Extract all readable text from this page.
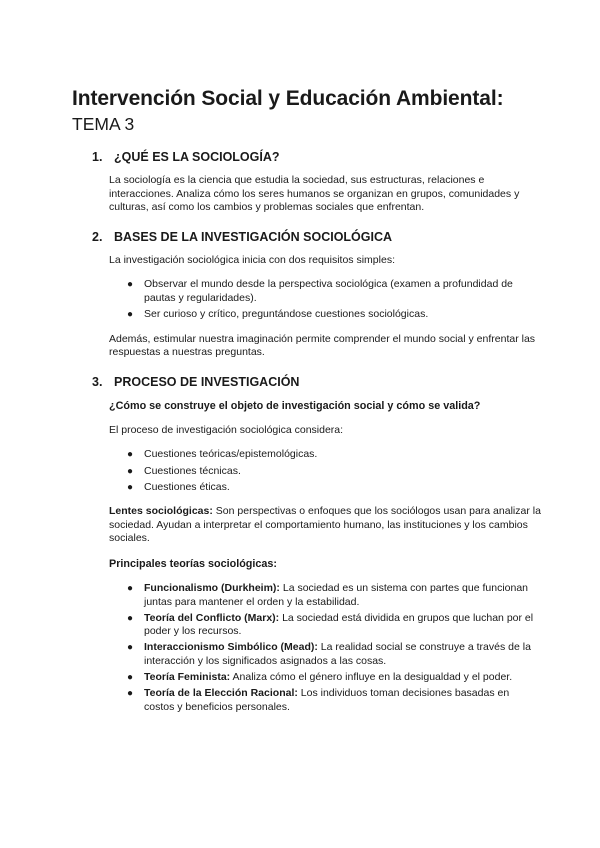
Intervención Social y Educación Ambiental:
TEMA 3
1. ¿QUÉ ES LA SOCIOLOGÍA?

La sociología es la ciencia que estudia la sociedad, sus estructuras, relaciones e interacciones. Analiza cómo los seres humanos se organizan en grupos, comunidades y culturas, así como los cambios y problemas sociales que enfrentan.

2. BASES DE LA INVESTIGACIÓN SOCIOLÓGICA

La investigación sociológica inicia con dos requisitos simples:

● Observar el mundo desde la perspectiva sociológica (examen a profundidad de pautas y regularidades).
● Ser curioso y crítico, preguntándose cuestiones sociológicas.

Además, estimular nuestra imaginación permite comprender el mundo social y enfrentar las respuestas a nuestras preguntas.

3. PROCESO DE INVESTIGACIÓN

¿Cómo se construye el objeto de investigación social y cómo se valida?

El proceso de investigación sociológica considera:

● Cuestiones teóricas/epistemológicas.
● Cuestiones técnicas.
● Cuestiones éticas.

Lentes sociológicas: Son perspectivas o enfoques que los sociólogos usan para analizar la sociedad. Ayudan a interpretar el comportamiento humano, las instituciones y los cambios sociales.

Principales teorías sociológicas:

● Funcionalismo (Durkheim): La sociedad es un sistema con partes que funcionan juntas para mantener el orden y la estabilidad.
● Teoría del Conflicto (Marx): La sociedad está dividida en grupos que luchan por el poder y los recursos.
● Interaccionismo Simbólico (Mead): La realidad social se construye a través de la interacción y los significados asignados a las cosas.
● Teoría Feminista: Analiza cómo el género influye en la desigualdad y el poder.
● Teoría de la Elección Racional: Los individuos toman decisiones basadas en costos y beneficios personales.
